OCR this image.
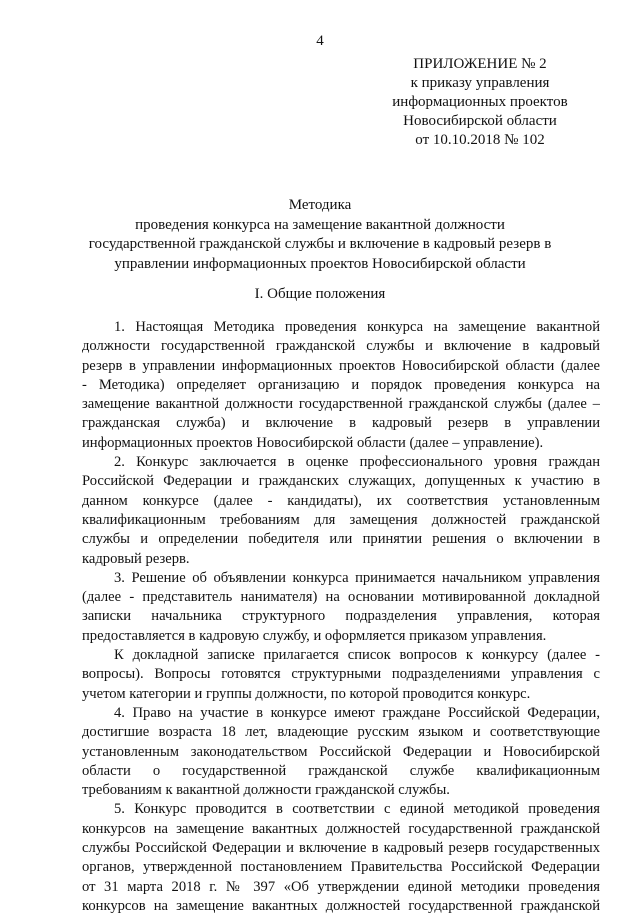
4
ПРИЛОЖЕНИЕ № 2
к приказу управления
информационных проектов
Новосибирской области
от 10.10.2018 № 102
Методика
проведения конкурса на замещение вакантной должности
государственной гражданской службы и включение в кадровый резерв в
управлении информационных проектов Новосибирской области
I. Общие положения
1. Настоящая Методика проведения конкурса на замещение вакантной
должности государственной гражданской службы и включение в кадровый
резерв в управлении информационных проектов Новосибирской области (далее
- Методика) определяет организацию и порядок проведения конкурса на
замещение вакантной должности государственной гражданской службы (далее –
гражданская служба) и включение в кадровый резерв в управлении
информационных проектов Новосибирской области (далее – управление).
2. Конкурс заключается в оценке профессионального уровня граждан
Российской Федерации и гражданских служащих, допущенных к участию в
данном конкурсе (далее - кандидаты), их соответствия установленным
квалификационным требованиям для замещения должностей гражданской
службы и определении победителя или принятии решения о включении в
кадровый резерв.
3. Решение об объявлении конкурса принимается начальником управления
(далее - представитель нанимателя) на основании мотивированной докладной
записки начальника структурного подразделения управления, которая
предоставляется в кадровую службу, и оформляется приказом управления.
К докладной записке прилагается список вопросов к конкурсу (далее -
вопросы). Вопросы готовятся структурными подразделениями управления с
учетом категории и группы должности, по которой проводится конкурс.
4. Право на участие в конкурсе имеют граждане Российской Федерации,
достигшие возраста 18 лет, владеющие русским языком и соответствующие
установленным законодательством Российской Федерации и Новосибирской
области о государственной гражданской службе квалификационным
требованиям к вакантной должности гражданской службы.
5. Конкурс проводится в соответствии с единой методикой проведения
конкурсов на замещение вакантных должностей государственной гражданской
службы Российской Федерации и включение в кадровый резерв государственных
органов, утвержденной постановлением Правительства Российской Федерации
от 31 марта 2018 г. № 397 «Об утверждении единой методики проведения
конкурсов на замещение вакантных должностей государственной гражданской
